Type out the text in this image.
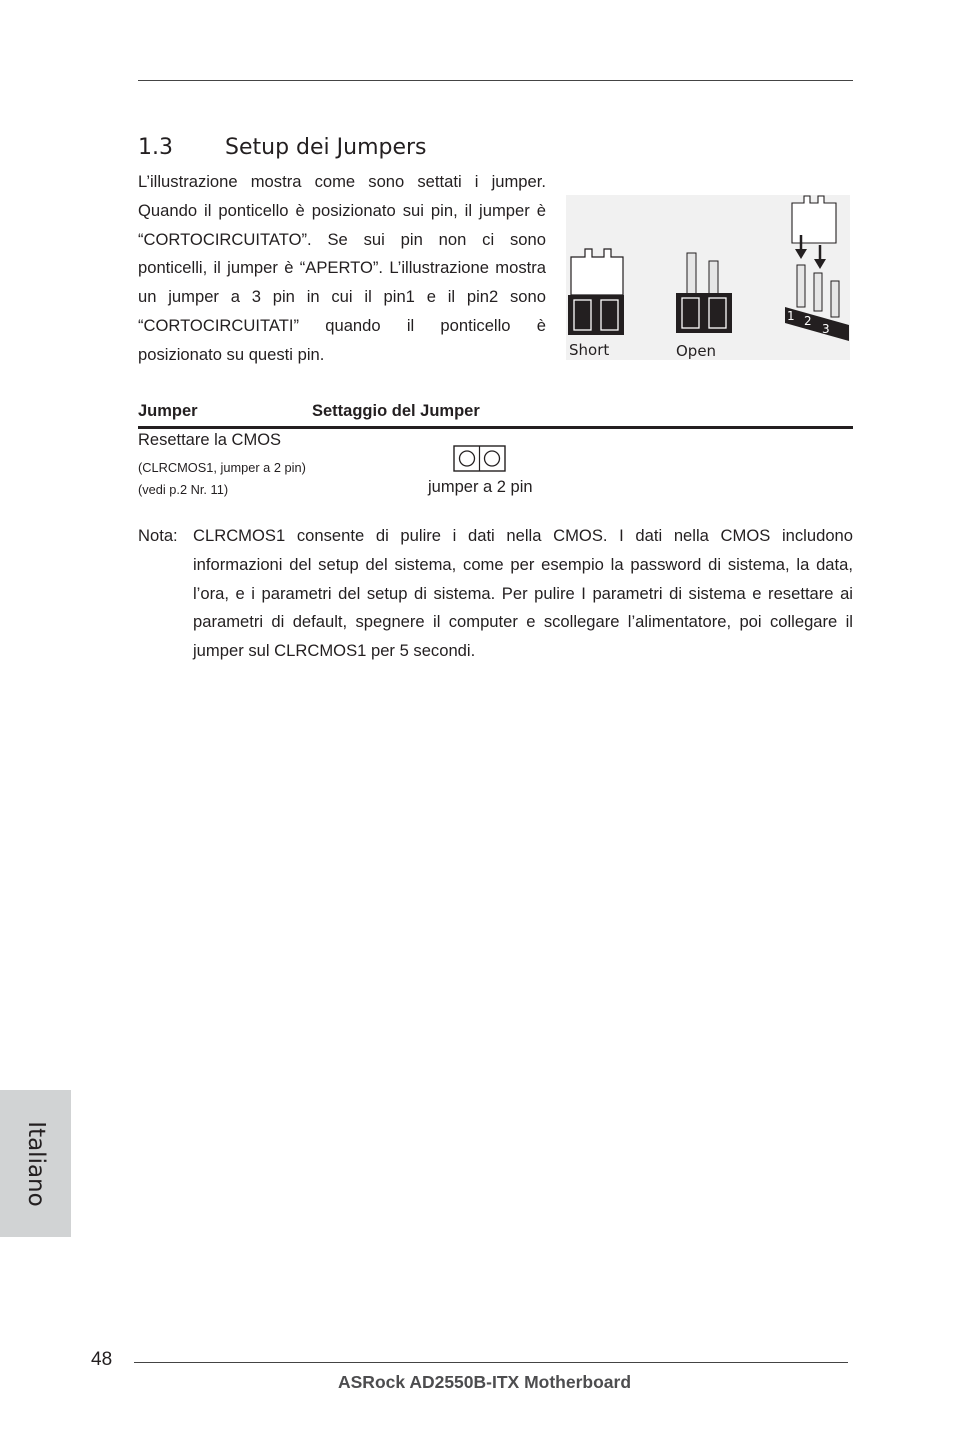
1.3 Setup dei Jumpers

L’illustrazione mostra come sono settati i jumper. Quando il ponticello è posizionato sui pin, il jumper è “CORTOCIRCUITATO”. Se sui pin non ci sono ponticelli, il jumper è “APERTO”. L’illustrazione mostra un jumper a 3 pin in cui il pin1 e il pin2 sono “CORTOCIRCUITATI” quando il ponticello è posizionato su questi pin.	Short	Open
1 2
3
Jumper	Settaggio del Jumper
Resettare la CMOS
(CLRCMOS1, jumper a 2 pin)
(vedi p.2 Nr. 11)	jumper a 2 pin
Nota: CLRCMOS1 consente di pulire i dati nella CMOS. I dati nella CMOS includono informazioni del setup del sistema, come per esempio la password di sistema, la data, l’ora, e i parametri del setup di sistema. Per pulire I parametri di sistema e resettare ai parametri di default, spegnere il computer e scollegare l’alimentatore, poi collegare il jumper sul CLRCMOS1 per 5 secondi.
Italiano
48
ASRock AD2550B-ITX Motherboard
